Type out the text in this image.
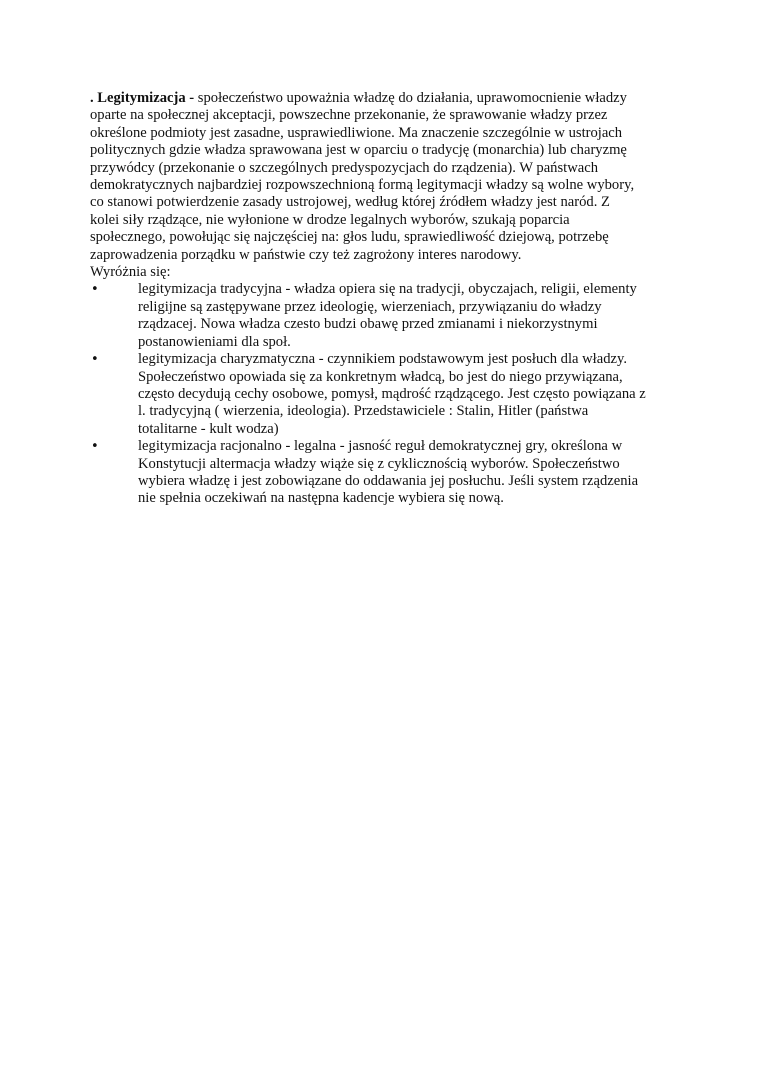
. Legitymizacja - społeczeństwo upoważnia władzę do działania, uprawomocnienie władzy
oparte na społecznej akceptacji, powszechne przekonanie, że sprawowanie władzy przez
określone podmioty jest zasadne, usprawiedliwione. Ma znaczenie szczególnie w ustrojach
politycznych gdzie władza sprawowana jest w oparciu o tradycję (monarchia) lub charyzmę
przywódcy (przekonanie o szczególnych predyspozycjach do rządzenia). W państwach
demokratycznych najbardziej rozpowszechnioną formą legitymacji władzy są wolne wybory,
co stanowi potwierdzenie zasady ustrojowej, według której źródłem władzy jest naród. Z
kolei siły rządzące, nie wyłonione w drodze legalnych wyborów, szukają poparcia
społecznego, powołując się najczęściej na: głos ludu, sprawiedliwość dziejową, potrzebę
zaprowadzenia porządku w państwie czy też zagrożony interes narodowy.

Wyróżnia się:

•	legitymizacja tradycyjna - władza opiera się na tradycji, obyczajach, religii, elementy
religijne są zastępywane przez ideologię, wierzeniach, przywiązaniu do władzy
rządzacej. Nowa władza czesto budzi obawę przed zmianami i niekorzystnymi
postanowieniami dla społ.
•	legitymizacja charyzmatyczna - czynnikiem podstawowym jest posłuch dla władzy.
Społeczeństwo opowiada się za konkretnym władcą, bo jest do niego przywiązana,
często decydują cechy osobowe, pomysł, mądrość rządzącego. Jest często powiązana z
l. tradycyjną ( wierzenia, ideologia). Przedstawiciele : Stalin, Hitler (państwa
totalitarne - kult wodza)
•	legitymizacja racjonalno - legalna - jasność reguł demokratycznej gry, określona w
Konstytucji altermacja władzy wiąże się z cyklicznością wyborów. Społeczeństwo
wybiera władzę i jest zobowiązane do oddawania jej posłuchu. Jeśli system rządzenia
nie spełnia oczekiwań na następna kadencje wybiera się nową.
